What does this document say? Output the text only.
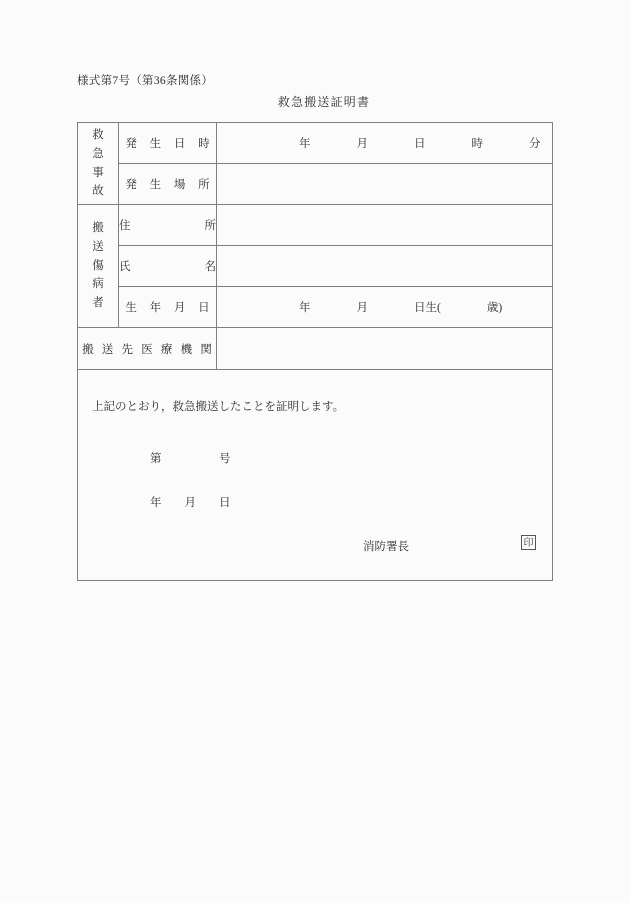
様式第7号（第36条関係）
救急搬送証明書
救急事故	発 生 日 時	年　　　　月　　　　日　　　　時　　　　分

	発 生 場 所	

搬送傷病者	住 所	

	氏 名	

	生 年 月 日	年　　　　月　　　　日生(　　　　歳)

搬 送 先 医 療 機 関

上記のとおり，救急搬送したことを証明します。
第　　　　　号
年　　月　　日
消防署長 印		
